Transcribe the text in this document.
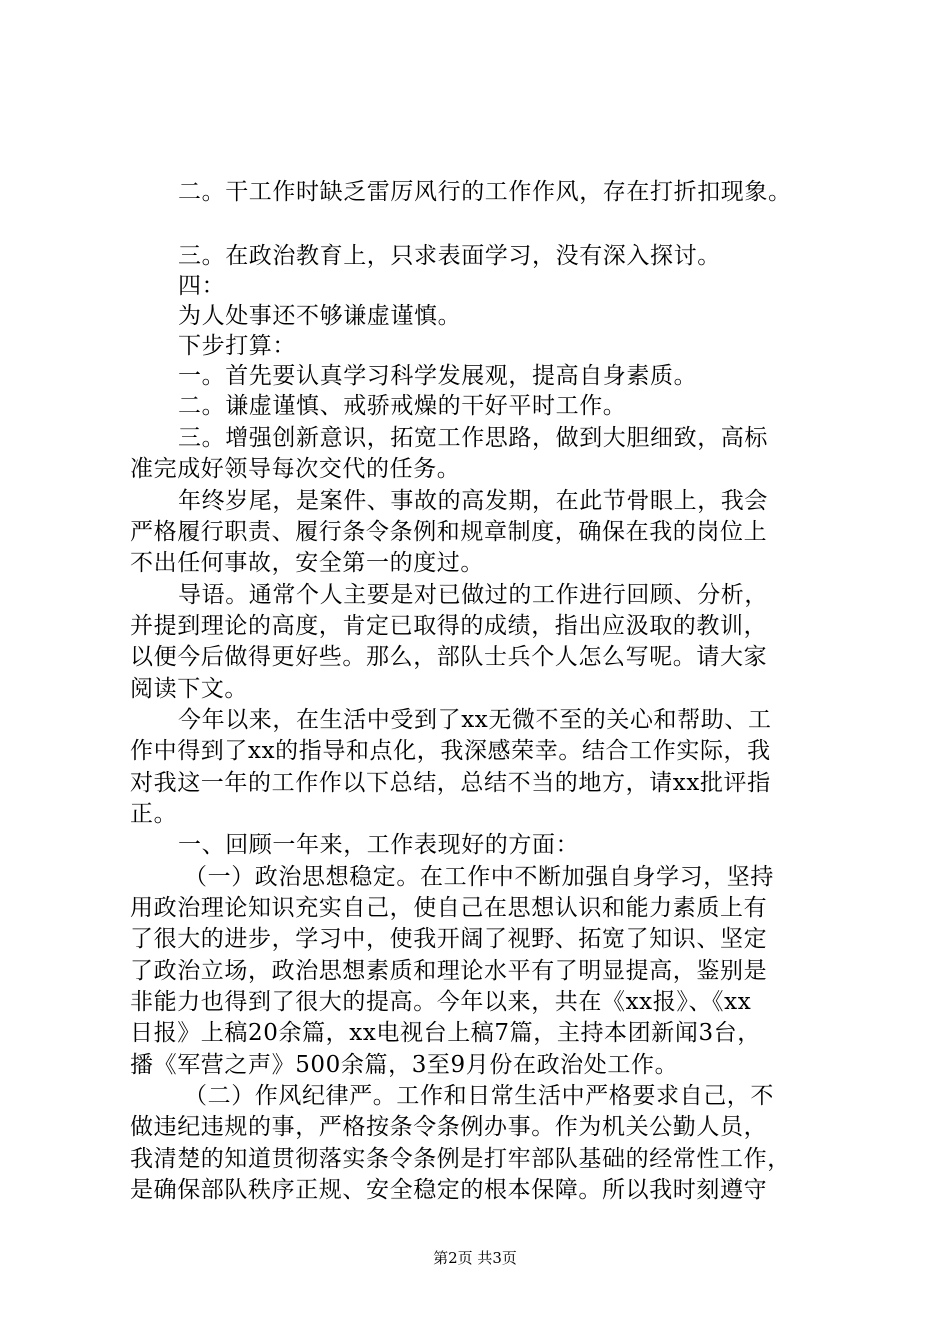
二。干工作时缺乏雷厉风行的工作作风，存在打折扣现象。
三。在政治教育上，只求表面学习，没有深入探讨。
四：
为人处事还不够谦虚谨慎。
下步打算：
一。首先要认真学习科学发展观，提高自身素质。
二。谦虚谨慎、戒骄戒燥的干好平时工作。
三。增强创新意识，拓宽工作思路，做到大胆细致，高标
准完成好领导每次交代的任务。
年终岁尾，是案件、事故的高发期，在此节骨眼上，我会
严格履行职责、履行条令条例和规章制度，确保在我的岗位上
不出任何事故，安全第一的度过。
导语。通常个人主要是对已做过的工作进行回顾、分析，
并提到理论的高度，肯定已取得的成绩，指出应汲取的教训，
以便今后做得更好些。那么，部队士兵个人怎么写呢。请大家
阅读下文。
今年以来，在生活中受到了xx无微不至的关心和帮助、工
作中得到了xx的指导和点化，我深感荣幸。结合工作实际，我
对我这一年的工作作以下总结，总结不当的地方，请xx批评指
正。
一、回顾一年来，工作表现好的方面：
（一）政治思想稳定。在工作中不断加强自身学习，坚持
用政治理论知识充实自己，使自己在思想认识和能力素质上有
了很大的进步，学习中，使我开阔了视野、拓宽了知识、坚定
了政治立场，政治思想素质和理论水平有了明显提高，鉴别是
非能力也得到了很大的提高。今年以来，共在《xx报》、《xx
日报》上稿20余篇，xx电视台上稿7篇，主持本团新闻3台，
播《军营之声》500余篇，3至9月份在政治处工作。
（二）作风纪律严。工作和日常生活中严格要求自己，不
做违纪违规的事，严格按条令条例办事。作为机关公勤人员，
我清楚的知道贯彻落实条令条例是打牢部队基础的经常性工作，
是确保部队秩序正规、安全稳定的根本保障。所以我时刻遵守
第2页 共3页
